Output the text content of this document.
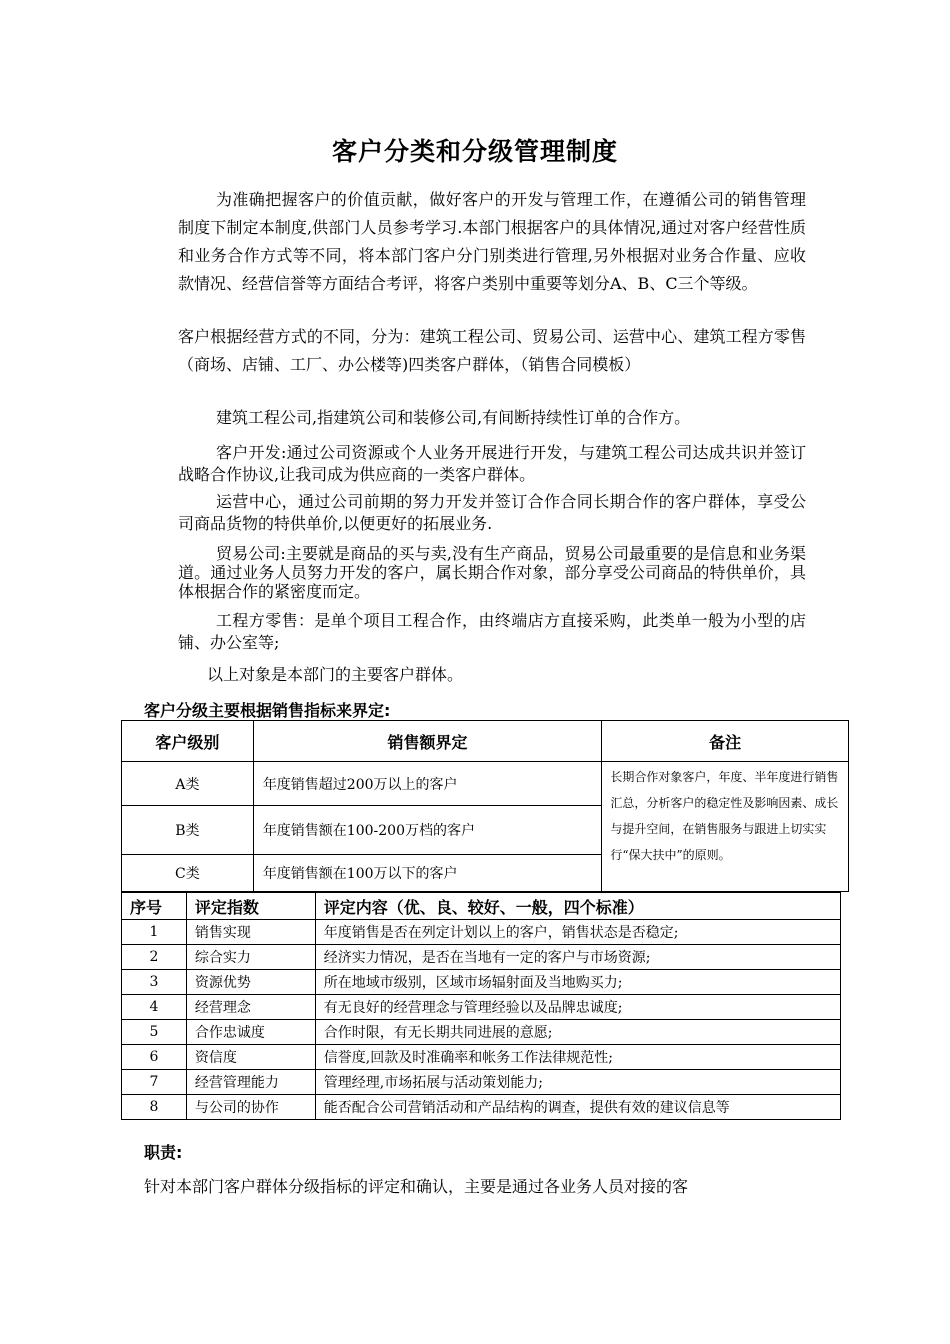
客户分类和分级管理制度
为准确把握客户的价值贡献，做好客户的开发与管理工作，在遵循公司的销售管理制度下制定本制度,供部门人员参考学习.本部门根据客户的具体情况,通过对客户经营性质和业务合作方式等不同，将本部门客户分门别类进行管理,另外根据对业务合作量、应收款情况、经营信誉等方面结合考评，将客户类别中重要等划分A、B、C三个等级。
客户根据经营方式的不同，分为：建筑工程公司、贸易公司、运营中心、建筑工程方零售（商场、店铺、工厂、办公楼等)四类客户群体，（销售合同模板）
建筑工程公司,指建筑公司和装修公司,有间断持续性订单的合作方。
客户开发:通过公司资源或个人业务开展进行开发，与建筑工程公司达成共识并签订战略合作协议,让我司成为供应商的一类客户群体。
运营中心，通过公司前期的努力开发并签订合作合同长期合作的客户群体，享受公司商品货物的特供单价,以便更好的拓展业务.
贸易公司:主要就是商品的买与卖,没有生产商品，贸易公司最重要的是信息和业务渠道。通过业务人员努力开发的客户，属长期合作对象，部分享受公司商品的特供单价，具体根据合作的紧密度而定。
工程方零售：是单个项目工程合作，由终端店方直接采购，此类单一般为小型的店铺、办公室等;
以上对象是本部门的主要客户群体。
客户分级主要根据销售指标来界定:
客户级别	销售额界定	备注
A类	年度销售超过200万以上的客户	长期合作对象客户，年度、半年度进行销售汇总，分析客户的稳定性及影响因素、成长与提升空间，在销售服务与跟进上切实实行“保大扶中”的原则。
B类	年度销售额在100-200万档的客户	
C类	年度销售额在100万以下的客户	
序号	评定指数	评定内容（优、良、较好、一般，四个标准）
1	销售实现	年度销售是否在列定计划以上的客户，销售状态是否稳定;
2	综合实力	经济实力情况，是否在当地有一定的客户与市场资源;
3	资源优势	所在地域市级别，区域市场辐射面及当地购买力;
4	经营理念	有无良好的经营理念与管理经验以及品牌忠诚度;
5	合作忠诚度	合作时限，有无长期共同进展的意愿;
6	资信度	信誉度,回款及时准确率和帐务工作法律规范性;
7	经营管理能力	管理经理,市场拓展与活动策划能力;
8	与公司的协作	能否配合公司营销活动和产品结构的调查，提供有效的建议信息等
职责:
针对本部门客户群体分级指标的评定和确认，主要是通过各业务人员对接的客
